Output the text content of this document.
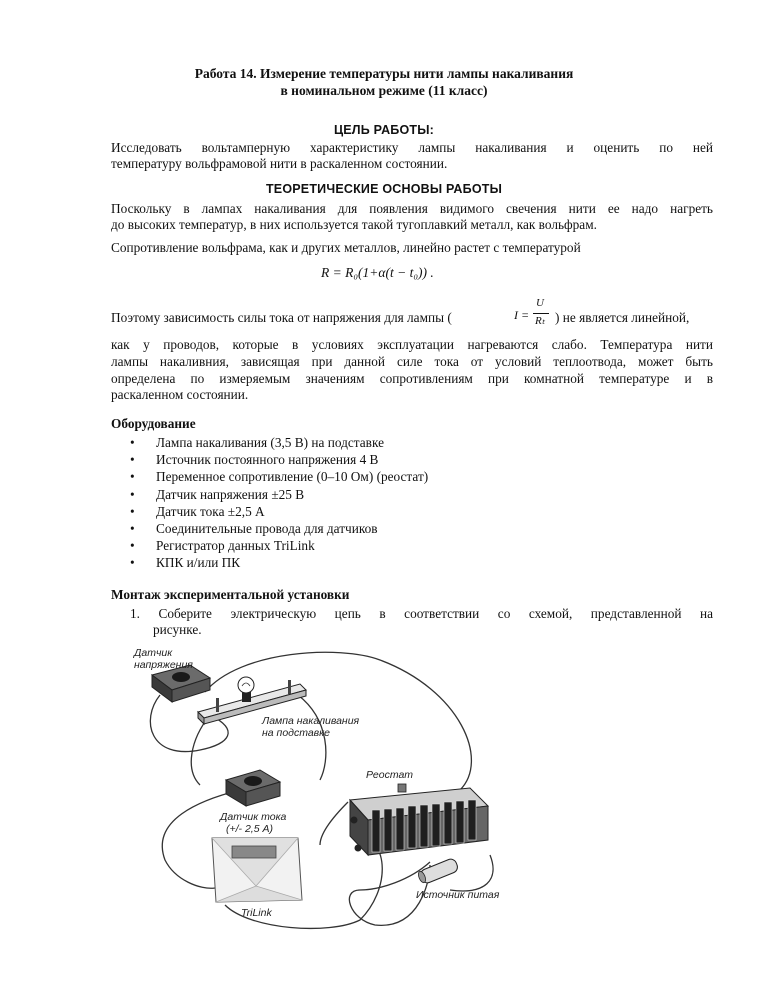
Работа 14. Измерение температуры нити лампы накаливания
в номинальном режиме (11 класс)
ЦЕЛЬ РАБОТЫ:
Исследовать вольтамперную характеристику лампы накаливания и оценить по ней
температуру вольфрамовой нити в раскаленном состоянии.
ТЕОРЕТИЧЕСКИЕ ОСНОВЫ РАБОТЫ
Поскольку в лампах накаливания для появления видимого свечения нити ее надо нагреть
до высоких температур, в них используется такой тугоплавкий металл, как вольфрам.
Сопротивление вольфрама, как и других металлов, линейно растет с температурой
R = R₀(1+α(t − t₀)) .
Поэтому зависимость силы тока от напряжения для лампы (	I =
U
Rₜ ) не является линейной,
как у проводов, которые в условиях эксплуатации нагреваются слабо. Температура нити
лампы накаливния, зависящая при данной силе тока от условий теплоотвода, может быть
определена по измеряемым значениям сопротивлениям при комнатной температуре и в
раскаленном состоянии.
Оборудование
• Лампа накаливания (3,5 В) на подставке
• Источник постоянного напряжения 4 В
• Переменное сопротивление (0–10 Ом) (реостат)
• Датчик напряжения ±25 В
• Датчик тока ±2,5 А
• Соединительные провода для датчиков
• Регистратор данных TriLink
• КПК и/или ПК
Монтаж экспериментальной установки
1. Соберите электрическую цепь в соответствии со схемой, представленной на
рисунке.
Датчик
напряжения
Лампа накаливания
на подставке
Датчик тока
(+/- 2,5 А)
TriLink
Реостат
Источник питая
